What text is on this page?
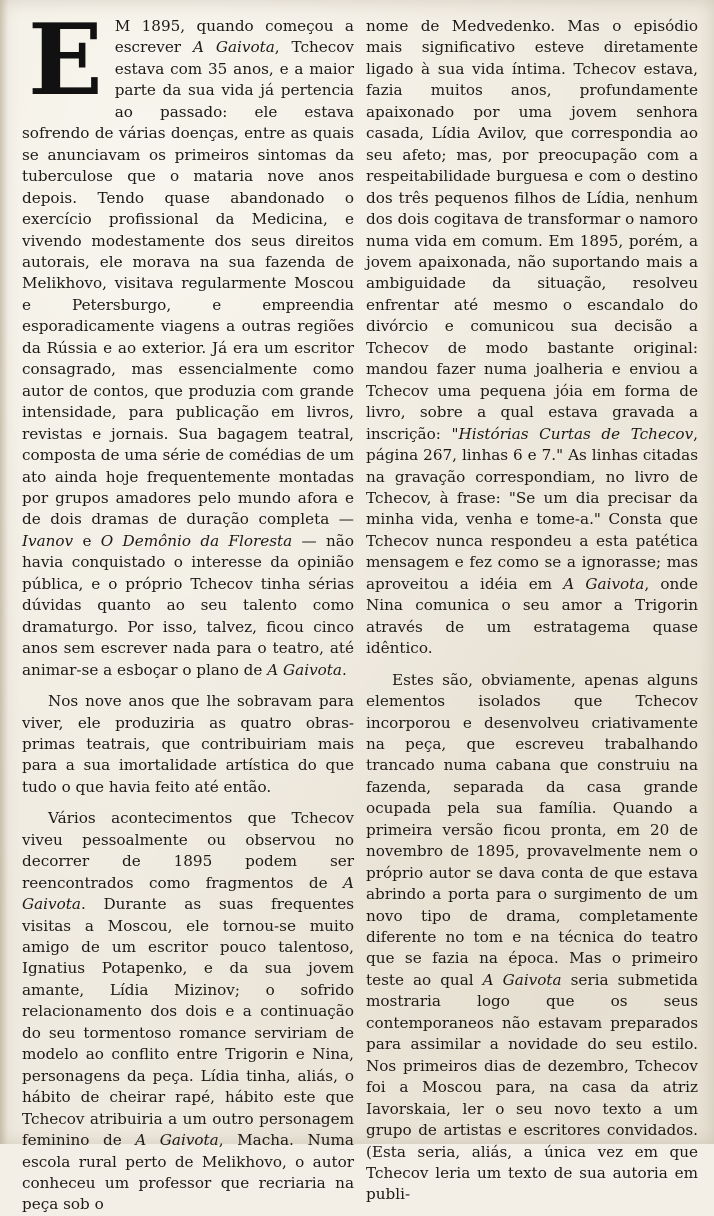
E M 1895, quando começou a escrever A Gaivota, Tchecov estava com 35 anos, e a maior parte da sua vida já pertencia ao passado: ele estava sofrendo de várias doenças, entre as quais se anunciavam os primeiros sintomas da tuberculose que o mataria nove anos depois. Tendo quase abandonado o exercício profissional da Medicina, e vivendo modestamente dos seus direitos autorais, ele morava na sua fazenda de Melikhovo, visitava regularmente Moscou e Petersburgo, e empreendia esporadicamente viagens a outras regiões da Rússia e ao exterior. Já era um escritor consagrado, mas essencialmente como autor de contos, que produzia com grande intensidade, para publicação em livros, revistas e jornais. Sua bagagem teatral, composta de uma série de comédias de um ato ainda hoje frequentemente montadas por grupos amadores pelo mundo afora e de dois dramas de duração completa — Ivanov e O Demônio da Floresta — não havia conquistado o interesse da opinião pública, e o próprio Tchecov tinha sérias dúvidas quanto ao seu talento como dramaturgo. Por isso, talvez, ficou cinco anos sem escrever nada para o teatro, até animar-se a esboçar o plano de A Gaivota.

Nos nove anos que lhe sobravam para viver, ele produziria as quatro obras-primas teatrais, que contribuiriam mais para a sua imortalidade artística do que tudo o que havia feito até então.

Vários acontecimentos que Tchecov viveu pessoalmente ou observou no decorrer de 1895 podem ser reencontrados como fragmentos de A Gaivota. Durante as suas frequentes visitas a Moscou, ele tornou-se muito amigo de um escritor pouco talentoso, Ignatius Potapenko, e da sua jovem amante, Lídia Mizinov; o sofrido relacionamento dos dois e a continuação do seu tormentoso romance serviriam de modelo ao conflito entre Trigorin e Nina, personagens da peça. Lídia tinha, aliás, o hábito de cheirar rapé, hábito este que Tchecov atribuiria a um outro personagem feminino de A Gaivota, Macha. Numa escola rural perto de Melikhovo, o autor conheceu um professor que recriaria na peça sob o

nome de Medvedenko. Mas o episódio mais significativo esteve diretamente ligado à sua vida íntima. Tchecov estava, fazia muitos anos, profundamente apaixonado por uma jovem senhora casada, Lídia Avilov, que correspondia ao seu afeto; mas, por preocupação com a respeitabilidade burguesa e com o destino dos três pequenos filhos de Lídia, nenhum dos dois cogitava de transformar o namoro numa vida em comum. Em 1895, porém, a jovem apaixonada, não suportando mais a ambiguidade da situação, resolveu enfrentar até mesmo o escandalo do divórcio e comunicou sua decisão a Tchecov de modo bastante original: mandou fazer numa joalheria e enviou a Tchecov uma pequena jóia em forma de livro, sobre a qual estava gravada a inscrição: "Histórias Curtas de Tchecov, página 267, linhas 6 e 7." As linhas citadas na gravação correspondiam, no livro de Tchecov, à frase: "Se um dia precisar da minha vida, venha e tome-a." Consta que Tchecov nunca respondeu a esta patética mensagem e fez como se a ignorasse; mas aproveitou a idéia em A Gaivota, onde Nina comunica o seu amor a Trigorin através de um estratagema quase idêntico.

Estes são, obviamente, apenas alguns elementos isolados que Tchecov incorporou e desenvolveu criativamente na peça, que escreveu trabalhando trancado numa cabana que construiu na fazenda, separada da casa grande ocupada pela sua família. Quando a primeira versão ficou pronta, em 20 de novembro de 1895, provavelmente nem o próprio autor se dava conta de que estava abrindo a porta para o surgimento de um novo tipo de drama, completamente diferente no tom e na técnica do teatro que se fazia na época. Mas o primeiro teste ao qual A Gaivota seria submetida mostraria logo que os seus contemporaneos não estavam preparados para assimilar a novidade do seu estilo. Nos primeiros dias de dezembro, Tchecov foi a Moscou para, na casa da atriz Iavorskaia, ler o seu novo texto a um grupo de artistas e escritores convidados. (Esta seria, aliás, a única vez em que Tchecov leria um texto de sua autoria em publi-
